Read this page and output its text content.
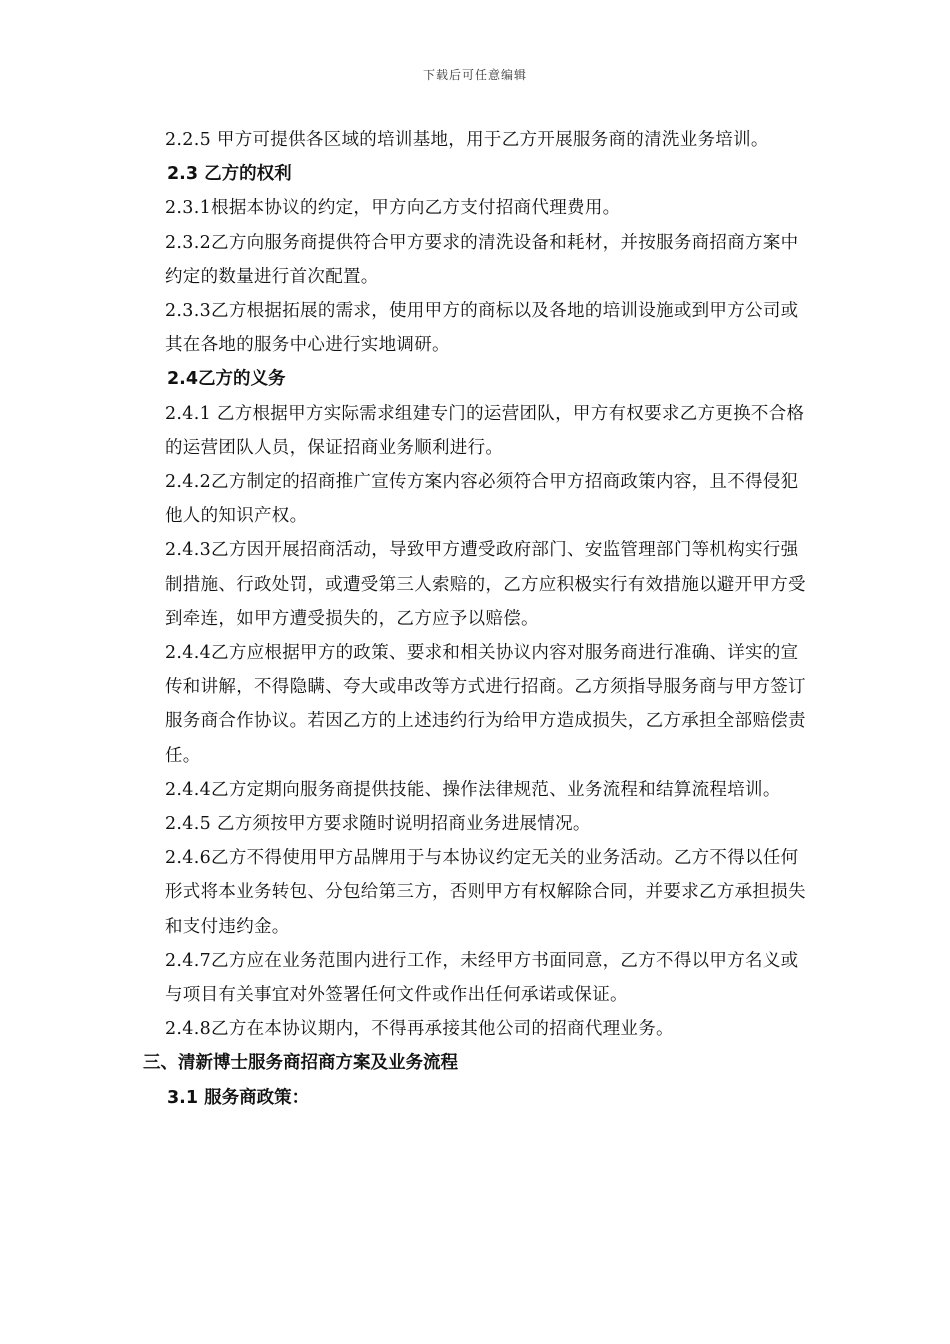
下载后可任意编辑

2.2.5 甲方可提供各区域的培训基地，用于乙方开展服务商的清洗业务培训。

2.3 乙方的权利

2.3.1根据本协议的约定，甲方向乙方支付招商代理费用。

2.3.2乙方向服务商提供符合甲方要求的清洗设备和耗材，并按服务商招商方案中约定的数量进行首次配置。

2.3.3乙方根据拓展的需求，使用甲方的商标以及各地的培训设施或到甲方公司或其在各地的服务中心进行实地调研。

2.4乙方的义务

2.4.1 乙方根据甲方实际需求组建专门的运营团队，甲方有权要求乙方更换不合格的运营团队人员，保证招商业务顺利进行。

2.4.2乙方制定的招商推广宣传方案内容必须符合甲方招商政策内容，且不得侵犯他人的知识产权。

2.4.3乙方因开展招商活动，导致甲方遭受政府部门、安监管理部门等机构实行强制措施、行政处罚，或遭受第三人索赔的，乙方应积极实行有效措施以避开甲方受到牵连，如甲方遭受损失的，乙方应予以赔偿。

2.4.4乙方应根据甲方的政策、要求和相关协议内容对服务商进行准确、详实的宣传和讲解，不得隐瞒、夸大或串改等方式进行招商。乙方须指导服务商与甲方签订服务商合作协议。若因乙方的上述违约行为给甲方造成损失，乙方承担全部赔偿责任。

2.4.4乙方定期向服务商提供技能、操作法律规范、业务流程和结算流程培训。

2.4.5 乙方须按甲方要求随时说明招商业务进展情况。

2.4.6乙方不得使用甲方品牌用于与本协议约定无关的业务活动。乙方不得以任何形式将本业务转包、分包给第三方，否则甲方有权解除合同，并要求乙方承担损失和支付违约金。

2.4.7乙方应在业务范围内进行工作，未经甲方书面同意，乙方不得以甲方名义或与项目有关事宜对外签署任何文件或作出任何承诺或保证。

2.4.8乙方在本协议期内，不得再承接其他公司的招商代理业务。

三、清新博士服务商招商方案及业务流程

3.1 服务商政策：
